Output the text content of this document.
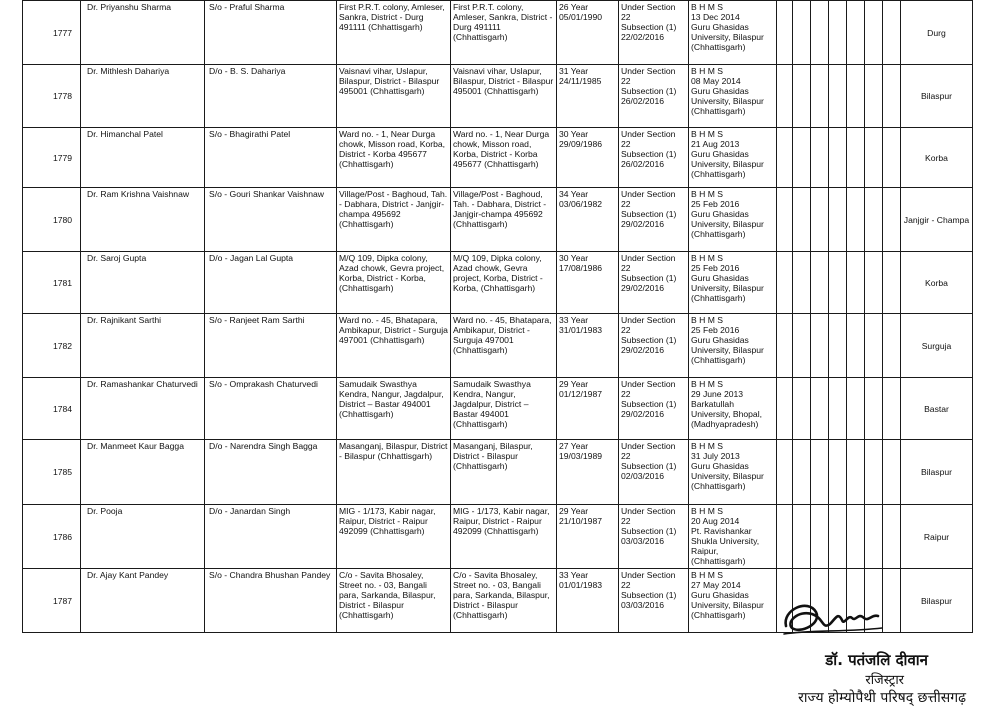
1777	Dr. Priyanshu Sharma	S/o - Praful Sharma	First P.R.T. colony, Amleser, Sankra, District - Durg 491111 (Chhattisgarh)	First P.R.T. colony, Amleser, Sankra, District - Durg 491111 (Chhattisgarh)	26 Year
05/01/1990	Under Section 22
Subsection (1)
22/02/2016	B H M S
13 Dec 2014
Guru Ghasidas University, Bilaspur (Chhattisgarh)								Durg
1778	Dr. Mithlesh Dahariya	D/o - B. S. Dahariya	Vaisnavi vihar, Uslapur, Bilaspur, District - Bilaspur 495001 (Chhattisgarh)	Vaisnavi vihar, Uslapur, Bilaspur, District - Bilaspur 495001 (Chhattisgarh)	31 Year
24/11/1985	Under Section 22
Subsection (1)
26/02/2016	B H M S
08 May 2014
Guru Ghasidas University, Bilaspur (Chhattisgarh)								Bilaspur
1779	Dr. Himanchal Patel	S/o - Bhagirathi Patel	Ward no. - 1, Near Durga chowk, Misson road, Korba, District - Korba 495677 (Chhattisgarh)	Ward no. - 1, Near Durga chowk, Misson road, Korba, District - Korba 495677 (Chhattisgarh)	30 Year
29/09/1986	Under Section 22
Subsection (1)
26/02/2016	B H M S
21 Aug 2013
Guru Ghasidas University, Bilaspur (Chhattisgarh)								Korba
1780	Dr. Ram Krishna Vaishnaw	S/o - Gouri Shankar Vaishnaw	Village/Post - Baghoud, Tah. - Dabhara, District - Janjgir-champa 495692 (Chhattisgarh)	Village/Post - Baghoud, Tah. - Dabhara, District - Janjgir-champa 495692 (Chhattisgarh)	34 Year
03/06/1982	Under Section 22
Subsection (1)
29/02/2016	B H M S
25 Feb 2016
Guru Ghasidas University, Bilaspur (Chhattisgarh)								Janjgir - Champa
1781	Dr. Saroj Gupta	D/o - Jagan Lal Gupta	M/Q 109, Dipka colony, Azad chowk, Gevra project, Korba, District - Korba, (Chhattisgarh)	M/Q 109, Dipka colony, Azad chowk, Gevra project, Korba, District - Korba, (Chhattisgarh)	30 Year
17/08/1986	Under Section 22
Subsection (1)
29/02/2016	B H M S
25 Feb 2016
Guru Ghasidas University, Bilaspur (Chhattisgarh)								Korba
1782	Dr. Rajnikant Sarthi	S/o - Ranjeet Ram Sarthi	Ward no. - 45, Bhatapara, Ambikapur, District - Surguja 497001 (Chhattisgarh)	Ward no. - 45, Bhatapara, Ambikapur, District - Surguja 497001 (Chhattisgarh)	33 Year
31/01/1983	Under Section 22
Subsection (1)
29/02/2016	B H M S
25 Feb 2016
Guru Ghasidas University, Bilaspur (Chhattisgarh)								Surguja
1784	Dr. Ramashankar Chaturvedi	S/o - Omprakash Chaturvedi	Samudaik Swasthya Kendra, Nangur, Jagdalpur, District – Bastar 494001 (Chhattisgarh)	Samudaik Swasthya Kendra, Nangur, Jagdalpur, District – Bastar 494001 (Chhattisgarh)	29 Year
01/12/1987	Under Section 22
Subsection (1)
29/02/2016	B H M S
29 June 2013
Barkatullah University, Bhopal, (Madhyapradesh)								Bastar
1785	Dr. Manmeet Kaur Bagga	D/o - Narendra Singh Bagga	Masanganj, Bilaspur, District - Bilaspur (Chhattisgarh)	Masanganj, Bilaspur, District - Bilaspur (Chhattisgarh)	27 Year
19/03/1989	Under Section 22
Subsection (1)
02/03/2016	B H M S
31 July 2013
Guru Ghasidas University, Bilaspur (Chhattisgarh)								Bilaspur
1786	Dr. Pooja	D/o - Janardan Singh	MIG - 1/173, Kabir nagar, Raipur, District - Raipur 492099 (Chhattisgarh)	MIG - 1/173, Kabir nagar, Raipur, District - Raipur 492099 (Chhattisgarh)	29 Year
21/10/1987	Under Section 22
Subsection (1)
03/03/2016	B H M S
20 Aug 2014
Pt. Ravishankar Shukla University, Raipur, (Chhattisgarh)								Raipur
1787	Dr. Ajay Kant Pandey	S/o - Chandra Bhushan Pandey	C/o - Savita Bhosaley, Street no. - 03, Bangali para, Sarkanda, Bilaspur, District - Bilaspur (Chhattisgarh)	C/o - Savita Bhosaley, Street no. - 03, Bangali para, Sarkanda, Bilaspur, District - Bilaspur (Chhattisgarh)	33 Year
01/01/1983	Under Section 22
Subsection (1)
03/03/2016	B H M S
27 May 2014
Guru Ghasidas University, Bilaspur (Chhattisgarh)								Bilaspur
डॉ. पतंजलि दीवान
रजिस्ट्रार
राज्य होम्योपैथी परिषद् छत्तीसगढ़
